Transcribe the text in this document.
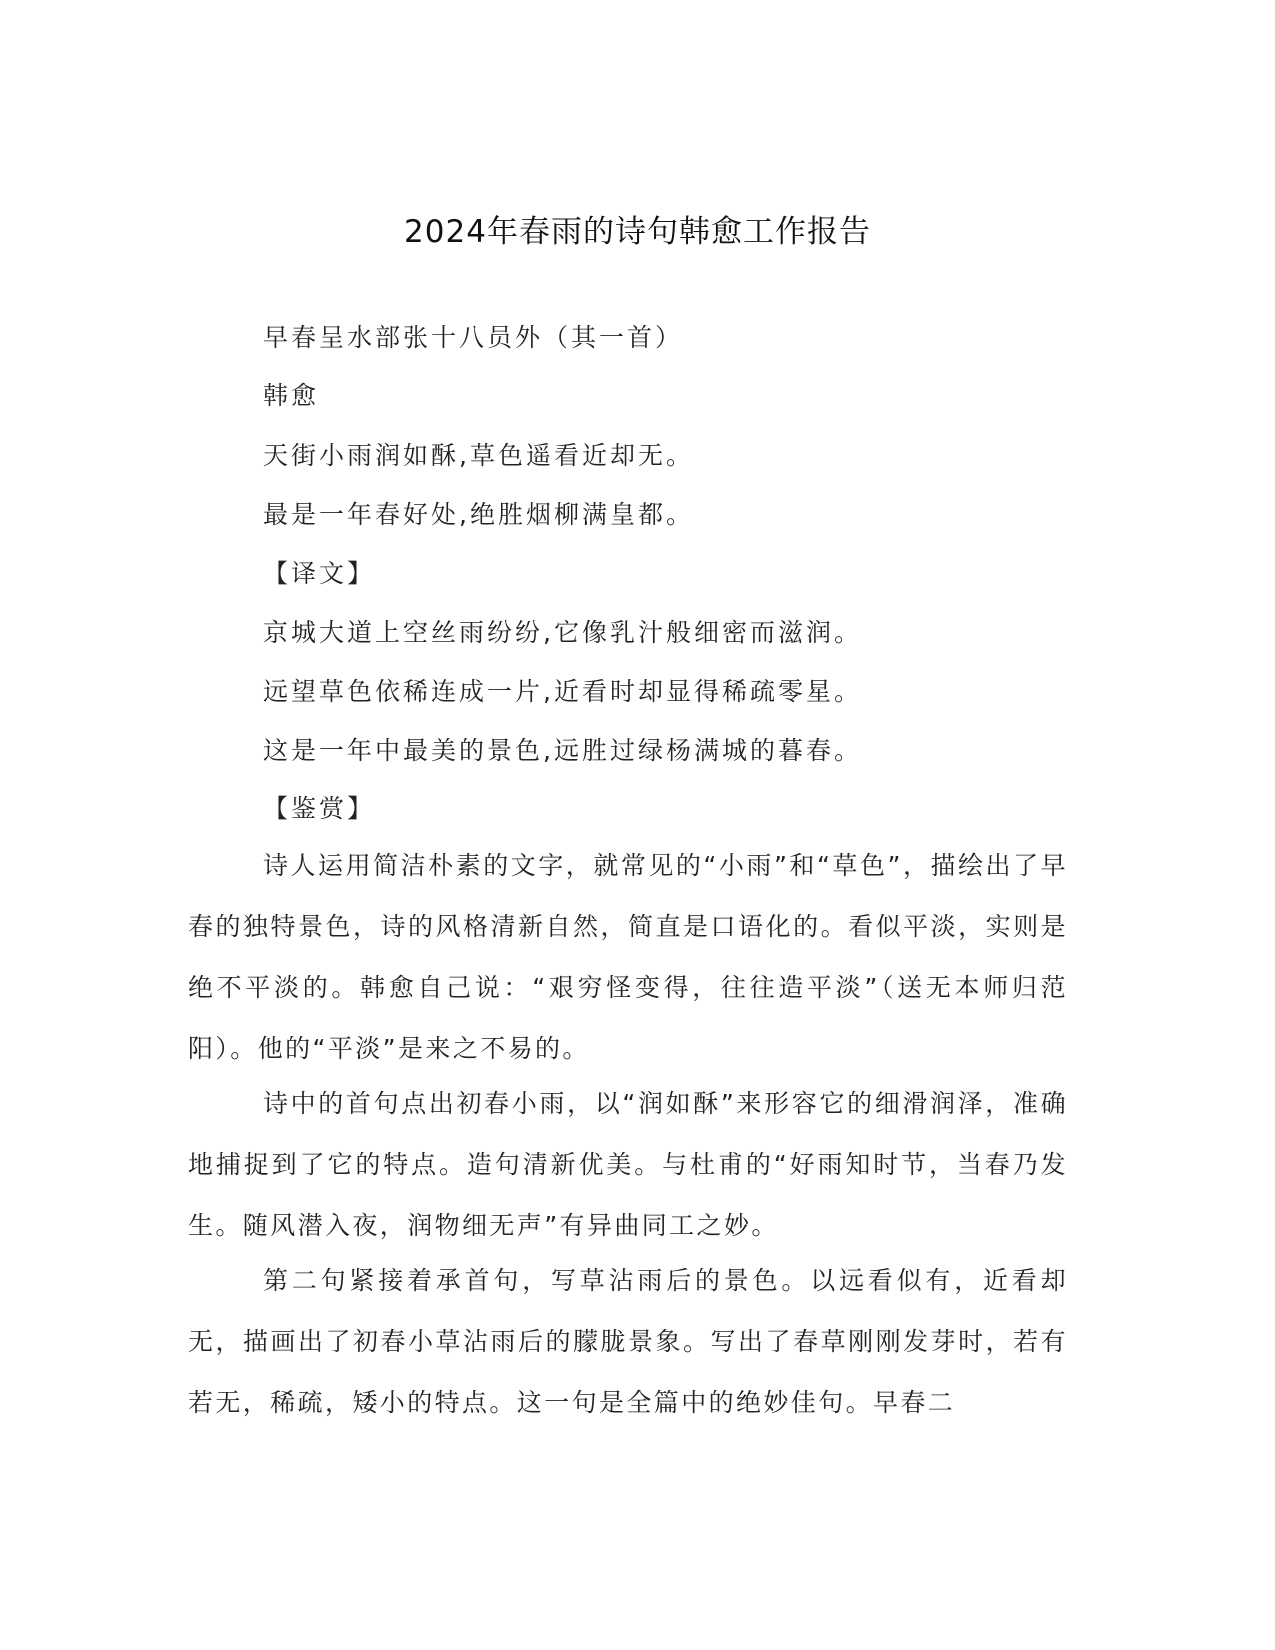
2024年春雨的诗句韩愈工作报告
早春呈水部张十八员外（其一首）
韩愈
天街小雨润如酥,草色遥看近却无。
最是一年春好处,绝胜烟柳满皇都。
【译文】
京城大道上空丝雨纷纷,它像乳汁般细密而滋润。
远望草色依稀连成一片,近看时却显得稀疏零星。
这是一年中最美的景色,远胜过绿杨满城的暮春。
【鉴赏】

诗人运用简洁朴素的文字，就常见的“小雨”和“草色”，描绘出了早春的独特景色，诗的风格清新自然，简直是口语化的。看似平淡，实则是绝不平淡的。韩愈自己说：“艰穷怪变得，往往造平淡”（送无本师归范阳）。他的“平淡”是来之不易的。

诗中的首句点出初春小雨，以“润如酥”来形容它的细滑润泽，准确地捕捉到了它的特点。造句清新优美。与杜甫的“好雨知时节，当春乃发生。随风潜入夜，润物细无声”有异曲同工之妙。

第二句紧接着承首句，写草沾雨后的景色。以远看似有，近看却无，描画出了初春小草沾雨后的朦胧景象。写出了春草刚刚发芽时，若有若无，稀疏，矮小的特点。这一句是全篇中的绝妙佳句。早春二
